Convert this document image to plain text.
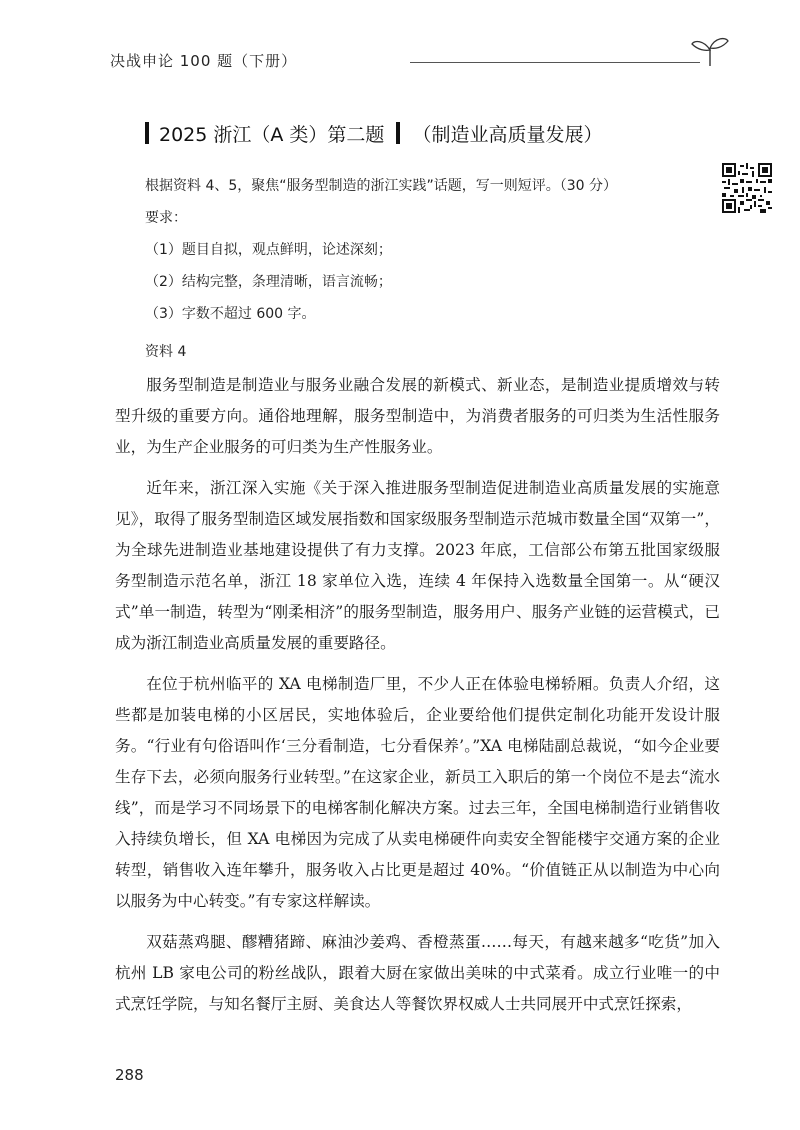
决战申论 100 题（下册）
2025 浙江（A 类）第二题 （制造业高质量发展）
根据资料 4、5，聚焦“服务型制造的浙江实践”话题，写一则短评。（30 分）
要求：
（1）题目自拟，观点鲜明，论述深刻；
（2）结构完整，条理清晰，语言流畅；
（3）字数不超过 600 字。
资料 4

服务型制造是制造业与服务业融合发展的新模式、新业态，是制造业提质增效与转型升级的重要方向。通俗地理解，服务型制造中，为消费者服务的可归类为生活性服务业，为生产企业服务的可归类为生产性服务业。

近年来，浙江深入实施《关于深入推进服务型制造促进制造业高质量发展的实施意见》，取得了服务型制造区域发展指数和国家级服务型制造示范城市数量全国“双第一”，为全球先进制造业基地建设提供了有力支撑。2023 年底，工信部公布第五批国家级服务型制造示范名单，浙江 18 家单位入选，连续 4 年保持入选数量全国第一。从“硬汉式”单一制造，转型为“刚柔相济”的服务型制造，服务用户、服务产业链的运营模式，已成为浙江制造业高质量发展的重要路径。

在位于杭州临平的 XA 电梯制造厂里，不少人正在体验电梯轿厢。负责人介绍，这些都是加装电梯的小区居民，实地体验后，企业要给他们提供定制化功能开发设计服务。“行业有句俗语叫作‘三分看制造，七分看保养’。”XA 电梯陆副总裁说，“如今企业要生存下去，必须向服务行业转型。”在这家企业，新员工入职后的第一个岗位不是去“流水线”，而是学习不同场景下的电梯客制化解决方案。过去三年，全国电梯制造行业销售收入持续负增长，但 XA 电梯因为完成了从卖电梯硬件向卖安全智能楼宇交通方案的企业转型，销售收入连年攀升，服务收入占比更是超过 40%。“价值链正从以制造为中心向以服务为中心转变。”有专家这样解读。

双菇蒸鸡腿、醪糟猪蹄、麻油沙姜鸡、香橙蒸蛋……每天，有越来越多“吃货”加入杭州 LB 家电公司的粉丝战队，跟着大厨在家做出美味的中式菜肴。成立行业唯一的中式烹饪学院，与知名餐厅主厨、美食达人等餐饮界权威人士共同展开中式烹饪探索，

288
